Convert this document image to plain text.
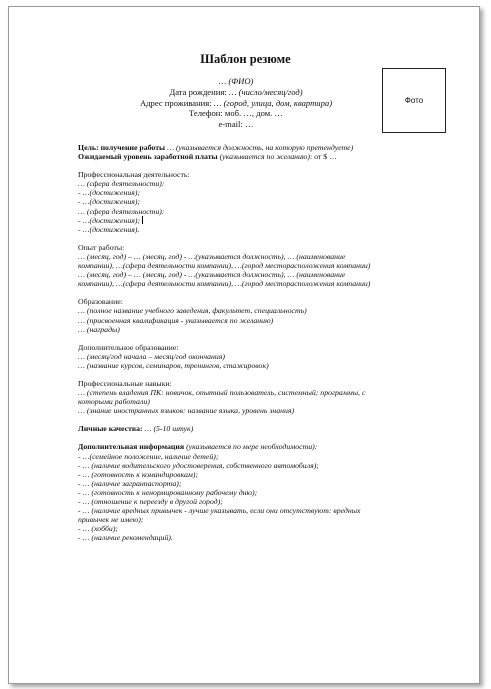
Шаблон резюме
… (ФИО)
Дата рождения: … (число/месяц/год)
Адрес проживания: … (город, улица, дом, квартира)
Телефон: моб. …, дом. …
e-mail: …
Фото
Цель: получение работы … (указывается должность, на которую претендуете)
Ожидаемый уровень заработной платы (указывается по желанию): от $ …
Профессиональная деятельность:
… (сфера деятельности):
- …(достижения);
- …(достижения);
… (сфера деятельности):
- …(достижения);
- …(достижения).
Опыт работы:
… (месяц, год) – … (месяц, год) - …(указывается должность), … (наименование
компании), …(сфера деятельности компании), …(город месторасположения компании)
… (месяц, год) – … (месяц, год) - …(указывается должность), … (наименование
компании), …(сфера деятельности компании), …(город месторасположения компании)
Образование:
… (полное название учебного заведения, факультет, специальность)
… (присвоенная квалификация - указывается по желанию)
… (награды)
Дополнительное образование:
… (месяц/год начала – месяц/год окончания)
… (название курсов, семинаров, тренингов, стажировок)
Профессиональные навыки:
… (степень владения ПК: новичок, опытный пользователь, системный; программы, с
которыми работали)
… (знание иностранных языков: название языка, уровень знания)
Личные качества: … (5-10 штук)
Дополнительная информация (указывается по мере необходимости):
- …(семейное положение, наличие детей);
- … (наличие водительского удостоверения, собственного автомобиля);
- … (готовность к командировкам);
- … (наличие загранпаспорта);
- … (готовность к ненормированному рабочему дню);
- … (отношение к переезду в другой город);
- … (наличие вредных привычек - лучше указывать, если они отсутствуют: вредных
привычек не имею);
- … (хобби);
- … (наличие рекомендаций).
